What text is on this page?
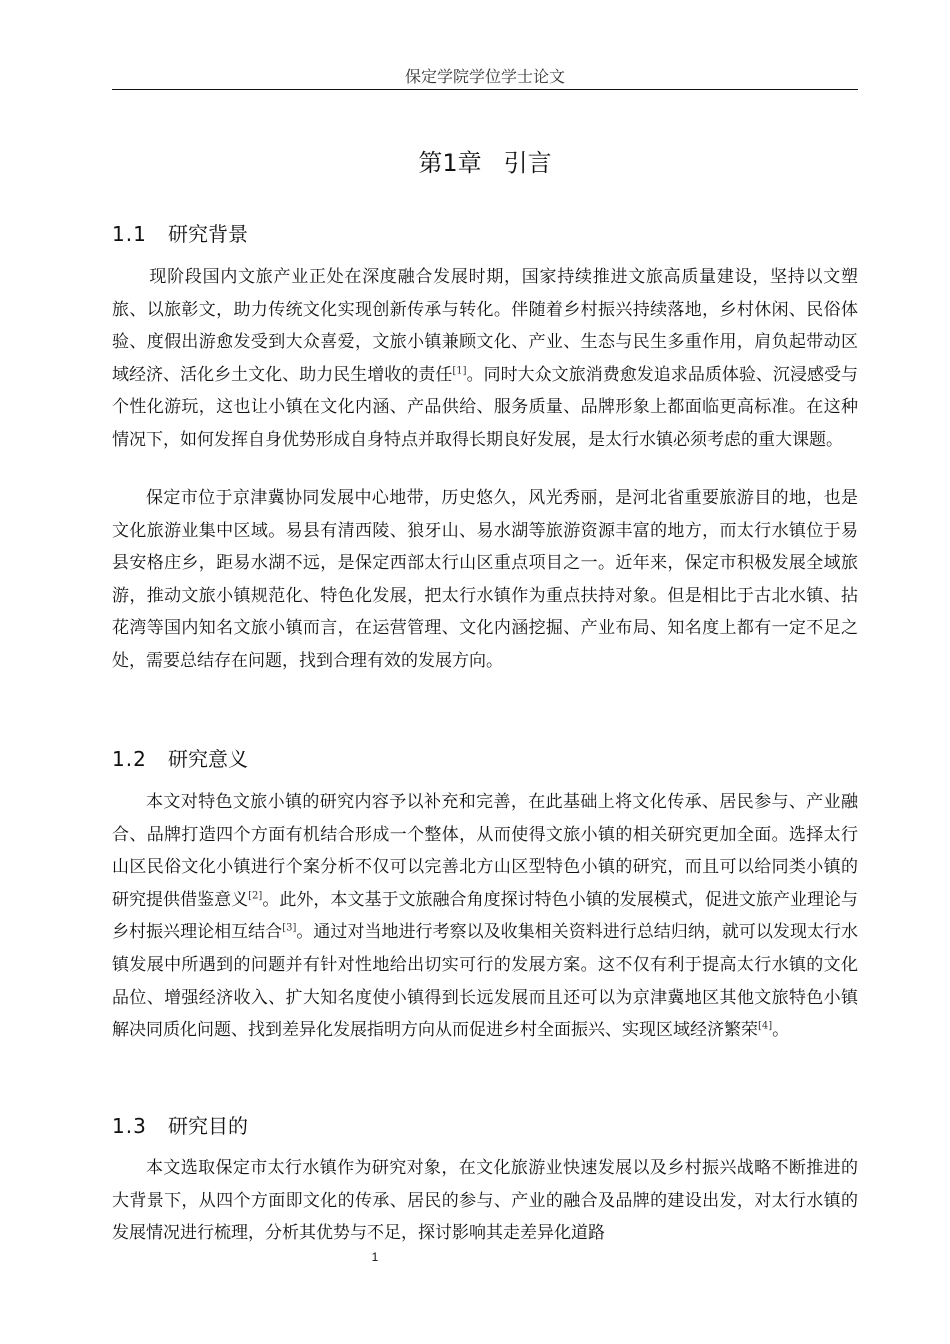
保定学院学位学士论文
第1章 引言
1.1 研究背景

现阶段国内文旅产业正处在深度融合发展时期，国家持续推进文旅高质量建设，坚持以文塑旅、以旅彰文，助力传统文化实现创新传承与转化。伴随着乡村振兴持续落地，乡村休闲、民俗体验、度假出游愈发受到大众喜爱，文旅小镇兼顾文化、产业、生态与民生多重作用，肩负起带动区域经济、活化乡土文化、助力民生增收的责任[1]。同时大众文旅消费愈发追求品质体验、沉浸感受与个性化游玩，这也让小镇在文化内涵、产品供给、服务质量、品牌形象上都面临更高标准。在这种情况下，如何发挥自身优势形成自身特点并取得长期良好发展，是太行水镇必须考虑的重大课题。

保定市位于京津冀协同发展中心地带，历史悠久，风光秀丽，是河北省重要旅游目的地，也是文化旅游业集中区域。易县有清西陵、狼牙山、易水湖等旅游资源丰富的地方，而太行水镇位于易县安格庄乡，距易水湖不远，是保定西部太行山区重点项目之一。近年来，保定市积极发展全域旅游，推动文旅小镇规范化、特色化发展，把太行水镇作为重点扶持对象。但是相比于古北水镇、拈花湾等国内知名文旅小镇而言，在运营管理、文化内涵挖掘、产业布局、知名度上都有一定不足之处，需要总结存在问题，找到合理有效的发展方向。

1.2 研究意义

本文对特色文旅小镇的研究内容予以补充和完善，在此基础上将文化传承、居民参与、产业融合、品牌打造四个方面有机结合形成一个整体，从而使得文旅小镇的相关研究更加全面。选择太行山区民俗文化小镇进行个案分析不仅可以完善北方山区型特色小镇的研究，而且可以给同类小镇的研究提供借鉴意义[2]。此外，本文基于文旅融合角度探讨特色小镇的发展模式，促进文旅产业理论与乡村振兴理论相互结合[3]。通过对当地进行考察以及收集相关资料进行总结归纳，就可以发现太行水镇发展中所遇到的问题并有针对性地给出切实可行的发展方案。这不仅有利于提高太行水镇的文化品位、增强经济收入、扩大知名度使小镇得到长远发展而且还可以为京津冀地区其他文旅特色小镇解决同质化问题、找到差异化发展指明方向从而促进乡村全面振兴、实现区域经济繁荣[4]。

1.3 研究目的

本文选取保定市太行水镇作为研究对象，在文化旅游业快速发展以及乡村振兴战略不断推进的大背景下，从四个方面即文化的传承、居民的参与、产业的融合及品牌的建设出发，对太行水镇的发展情况进行梳理，分析其优势与不足，探讨影响其走差异化道路

1
